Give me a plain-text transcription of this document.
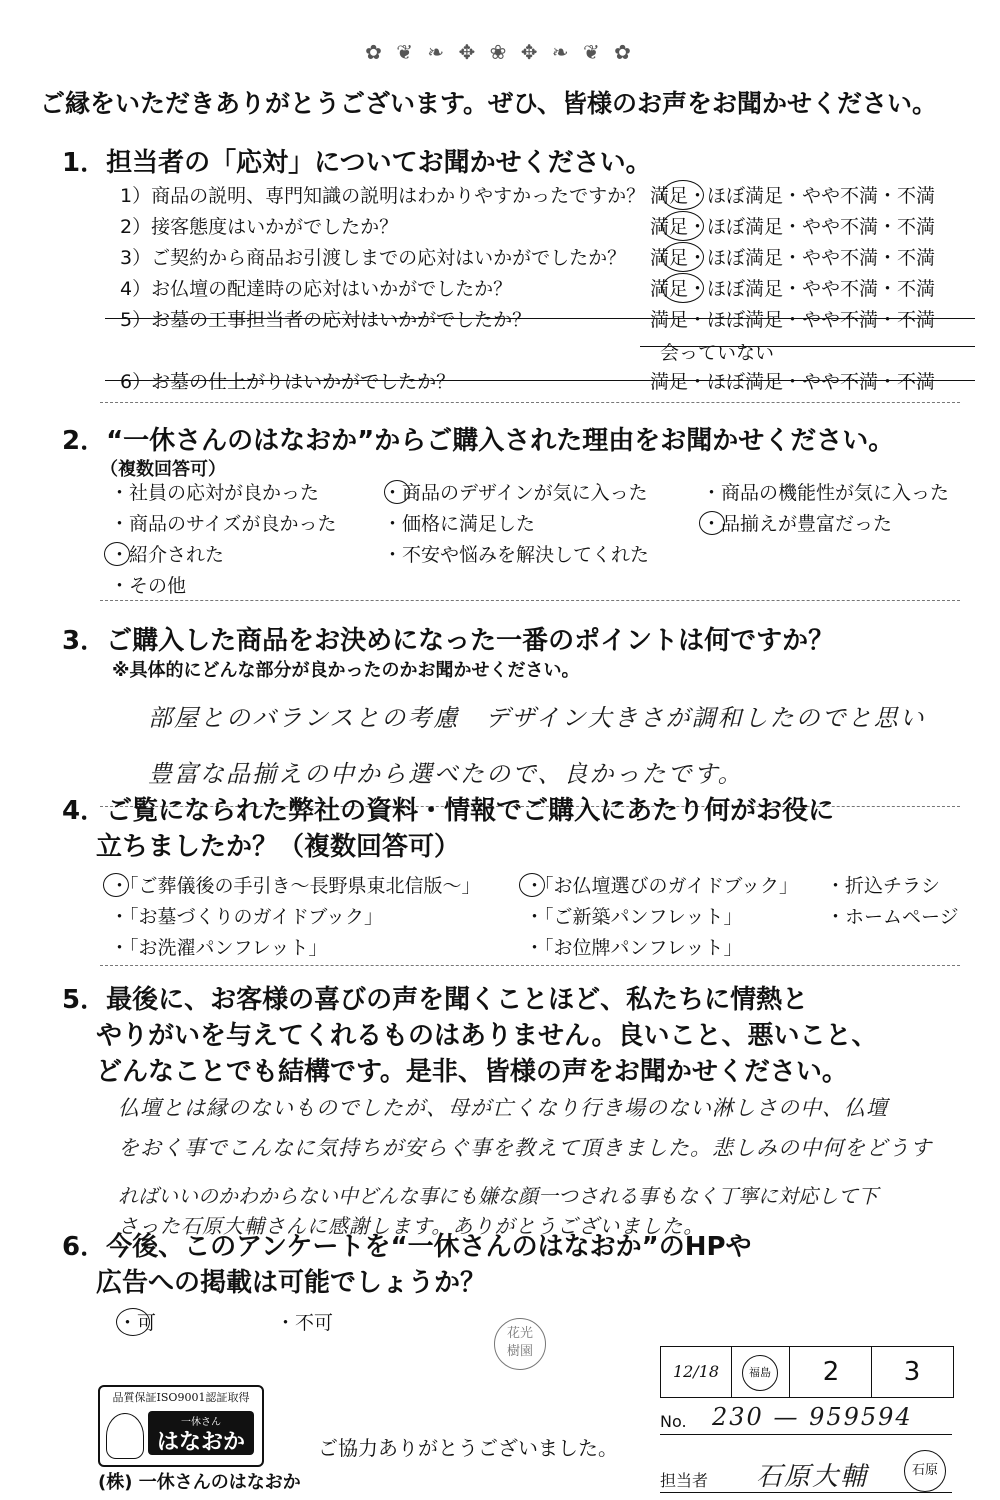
✿ ❦ ❧ ✥ ❀ ✥ ❧ ❦ ✿
ご縁をいただきありがとうございます。ぜひ、皆様のお声をお聞かせください。
1．担当者の「応対」についてお聞かせください。
1）商品の説明、専門知識の説明はわかりやすかったですか？ 満足・ほぼ満足・やや不満・不満
2）接客態度はいかがでしたか？	満足・ほぼ満足・やや不満・不満
3）ご契約から商品お引渡しまでの応対はいかがでしたか？ 満足・ほぼ満足・やや不満・不満
4）お仏壇の配達時の応対はいかがでしたか？	満足・ほぼ満足・やや不満・不満
5）お墓の工事担当者の応対はいかがでしたか？	満足・ほぼ満足・やや不満・不満
会っていない
6）お墓の仕上がりはいかがでしたか？	満足・ほぼ満足・やや不満・不満
2．“一休さんのはなおか”からご購入された理由をお聞かせください。
（複数回答可）
・社員の応対が良かった	・商品のデザインが気に入った	・商品の機能性が気に入った
・商品のサイズが良かった ・価格に満足した	・品揃えが豊富だった
・紹介された	・不安や悩みを解決してくれた
・その他
3．ご購入した商品をお決めになった一番のポイントは何ですか？
※具体的にどんな部分が良かったのかお聞かせください。
部屋とのバランスとの考慮　デザイン大きさが調和したのでと思い
豊富な品揃えの中から選べたので、良かったです。
4．ご覧になられた弊社の資料・情報でご購入にあたり何がお役に
立ちましたか？（複数回答可）
・「ご葬儀後の手引き～長野県東北信版～」 ・「お仏壇選びのガイドブック」 ・折込チラシ
・「お墓づくりのガイドブック」	・「ご新築パンフレット」	・ホームページ
・「お洗濯パンフレット」	・「お位牌パンフレット」
5．最後に、お客様の喜びの声を聞くことほど、私たちに情熱と
やりがいを与えてくれるものはありません。良いこと、悪いこと、
どんなことでも結構です。是非、皆様の声をお聞かせください。
仏壇とは縁のないものでしたが、母が亡くなり行き場のない淋しさの中、仏壇
をおく事でこんなに気持ちが安らぐ事を教えて頂きました。悲しみの中何をどうす
ればいいのかわからない中どんな事にも嫌な顔一つされる事もなく丁寧に対応して下
さった石原大輔さんに感謝します。ありがとうございました。
6．今後、このアンケートを“一休さんのはなおか”のHPや
広告への掲載は可能でしょうか？
・可	・不可	花光
樹園
12/18	福島	2	3
No. 230 — 959594
担当者 石原大輔	石原
品質保証ISO9001認証取得
一休さん
はなおか	ご協力ありがとうございました。
(株) 一休さんのはなおか
